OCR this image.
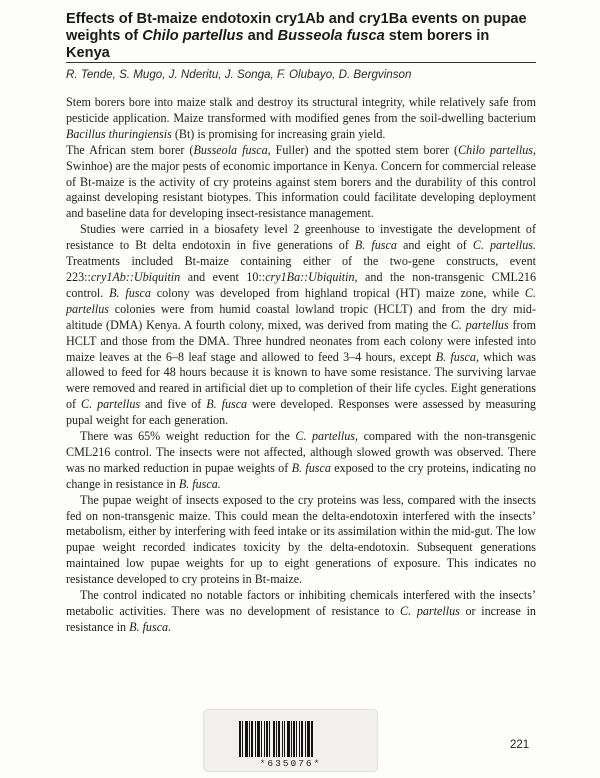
Effects of Bt-maize endotoxin cry1Ab and cry1Ba events on pupae
weights of Chilo partellus and Busseola fusca stem borers in
Kenya
R. Tende, S. Mugo, J. Nderitu, J. Songa, F. Olubayo, D. Bergvinson

Stem borers bore into maize stalk and destroy its structural integrity, while relatively safe from pesticide application. Maize transformed with modified genes from the soil-dwelling bacterium Bacillus thuringiensis (Bt) is promising for increasing grain yield.

The African stem borer (Busseola fusca, Fuller) and the spotted stem borer (Chilo partellus, Swinhoe) are the major pests of economic importance in Kenya. Concern for commercial release of Bt-maize is the activity of cry proteins against stem borers and the durability of this control against developing resistant biotypes. This information could facilitate developing deployment and baseline data for developing insect-resistance management.

Studies were carried in a biosafety level 2 greenhouse to investigate the development of resistance to Bt delta endotoxin in five generations of B. fusca and eight of C. partellus. Treatments included Bt-maize containing either of the two-gene constructs, event 223::cry1Ab::Ubiquitin and event 10::cry1Ba::Ubiquitin, and the non-transgenic CML216 control. B. fusca colony was developed from highland tropical (HT) maize zone, while C. partellus colonies were from humid coastal lowland tropic (HCLT) and from the dry mid-altitude (DMA) Kenya. A fourth colony, mixed, was derived from mating the C. partellus from HCLT and those from the DMA. Three hundred neonates from each colony were infested into maize leaves at the 6–8 leaf stage and allowed to feed 3–4 hours, except B. fusca, which was allowed to feed for 48 hours because it is known to have some resistance. The surviving larvae were removed and reared in artificial diet up to completion of their life cycles. Eight generations of C. partellus and five of B. fusca were developed. Responses were assessed by measuring pupal weight for each generation.

There was 65% weight reduction for the C. partellus, compared with the non-transgenic CML216 control. The insects were not affected, although slowed growth was observed. There was no marked reduction in pupae weights of B. fusca exposed to the cry proteins, indicating no change in resistance in B. fusca.

The pupae weight of insects exposed to the cry proteins was less, compared with the insects fed on non-transgenic maize. This could mean the delta-endotoxin interfered with the insects’ metabolism, either by interfering with feed intake or its assimilation within the mid-gut. The low pupae weight recorded indicates toxicity by the delta-endotoxin. Subsequent generations maintained low pupae weights for up to eight generations of exposure. This indicates no resistance developed to cry proteins in Bt-maize.

The control indicated no notable factors or inhibiting chemicals interfered with the insects’ metabolic activities. There was no development of resistance to C. partellus or increase in resistance in B. fusca.

*635076*
221
